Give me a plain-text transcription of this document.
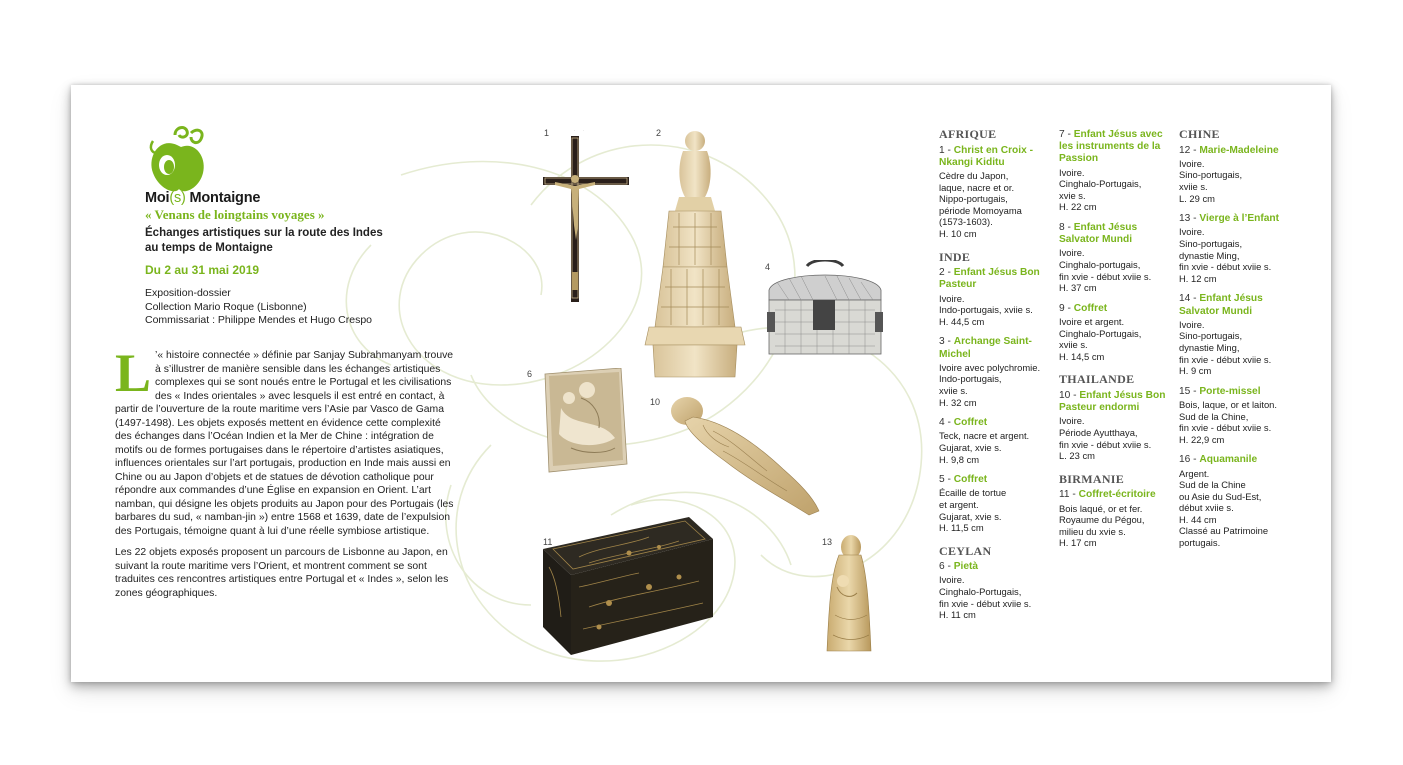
Moi(s) Montaigne
« Venans de loingtains voyages »
Échanges artistiques sur la route des Indes au temps de Montaigne
Du 2 au 31 mai 2019
Exposition-dossier
Collection Mario Roque (Lisbonne)
Commissariat : Philippe Mendes et Hugo Crespo

L ’« histoire connectée » définie par Sanjay Subrahmanyam trouve à s’illustrer de manière sensible dans les échanges artistiques complexes qui se sont noués entre le Portugal et les civilisations des « Indes orientales » avec lesquels il est entré en contact, à partir de l’ouverture de la route maritime vers l’Asie par Vasco de Gama (1497-1498). Les objets exposés mettent en évidence cette complexité des échanges dans l’Océan Indien et la Mer de Chine : intégration de motifs ou de formes portugaises dans le répertoire d’artistes asiatiques, influences orientales sur l’art portugais, production en Inde mais aussi en Chine ou au Japon d’objets et de statues de dévotion catholique pour répondre aux commandes d’une Église en expansion en Orient. L’art namban, qui désigne les objets produits au Japon pour des Portugais (les barbares du sud, « namban-jin ») entre 1568 et 1639, date de l’expulsion des Portugais, témoigne quant à lui d’une réelle symbiose artistique.

Les 22 objets exposés proposent un parcours de Lisbonne au Japon, en suivant la route maritime vers l’Orient, et montrent comment se sont traduites ces rencontres artistiques entre Portugal et « Indes », selon les zones géographiques.

1	2
4
6
10
11	13
AFRIQUE
1 - Christ en Croix - Nkangi Kiditu
Cèdre du Japon,
laque, nacre et or.
Nippo-portugais,
période Momoyama
(1573-1603).
H. 10 cm
INDE
2 - Enfant Jésus Bon Pasteur
Ivoire.
Indo-portugais, xviie s.
H. 44,5 cm
3 - Archange Saint-Michel
Ivoire avec polychromie.
Indo-portugais,
xviie s.
H. 32 cm
4 - Coffret
Teck, nacre et argent.
Gujarat, xvie s.
H. 9,8 cm
5 - Coffret
Écaille de tortue
et argent.
Gujarat, xvie s.
H. 11,5 cm
CEYLAN
6 - Pietà
Ivoire.
Cinghalo-Portugais,
fin xvie - début xviie s.
H. 11 cm
7 - Enfant Jésus avec les instruments de la Passion
Ivoire.
Cinghalo-Portugais,
xvie s.
H. 22 cm
8 - Enfant Jésus Salvator Mundi
Ivoire.
Cinghalo-portugais,
fin xvie - début xviie s.
H. 37 cm
9 - Coffret
Ivoire et argent.
Cinghalo-Portugais,
xviie s.
H. 14,5 cm
THAILANDE
10 - Enfant Jésus Bon Pasteur endormi
Ivoire.
Période Ayutthaya,
fin xvie - début xviie s.
L. 23 cm
BIRMANIE
11 - Coffret-écritoire
Bois laqué, or et fer.
Royaume du Pégou,
milieu du xvie s.
H. 17 cm
CHINE
12 - Marie-Madeleine
Ivoire.
Sino-portugais,
xviie s.
L. 29 cm
13 - Vierge à l’Enfant
Ivoire.
Sino-portugais,
dynastie Ming,
fin xvie - début xviie s.
H. 12 cm
14 - Enfant Jésus Salvator Mundi
Ivoire.
Sino-portugais,
dynastie Ming,
fin xvie - début xviie s.
H. 9 cm
15 - Porte-missel
Bois, laque, or et laiton.
Sud de la Chine,
fin xvie - début xviie s.
H. 22,9 cm
16 - Aquamanile
Argent.
Sud de la Chine
ou Asie du Sud-Est,
début xviie s.
H. 44 cm
Classé au Patrimoine
portugais.
